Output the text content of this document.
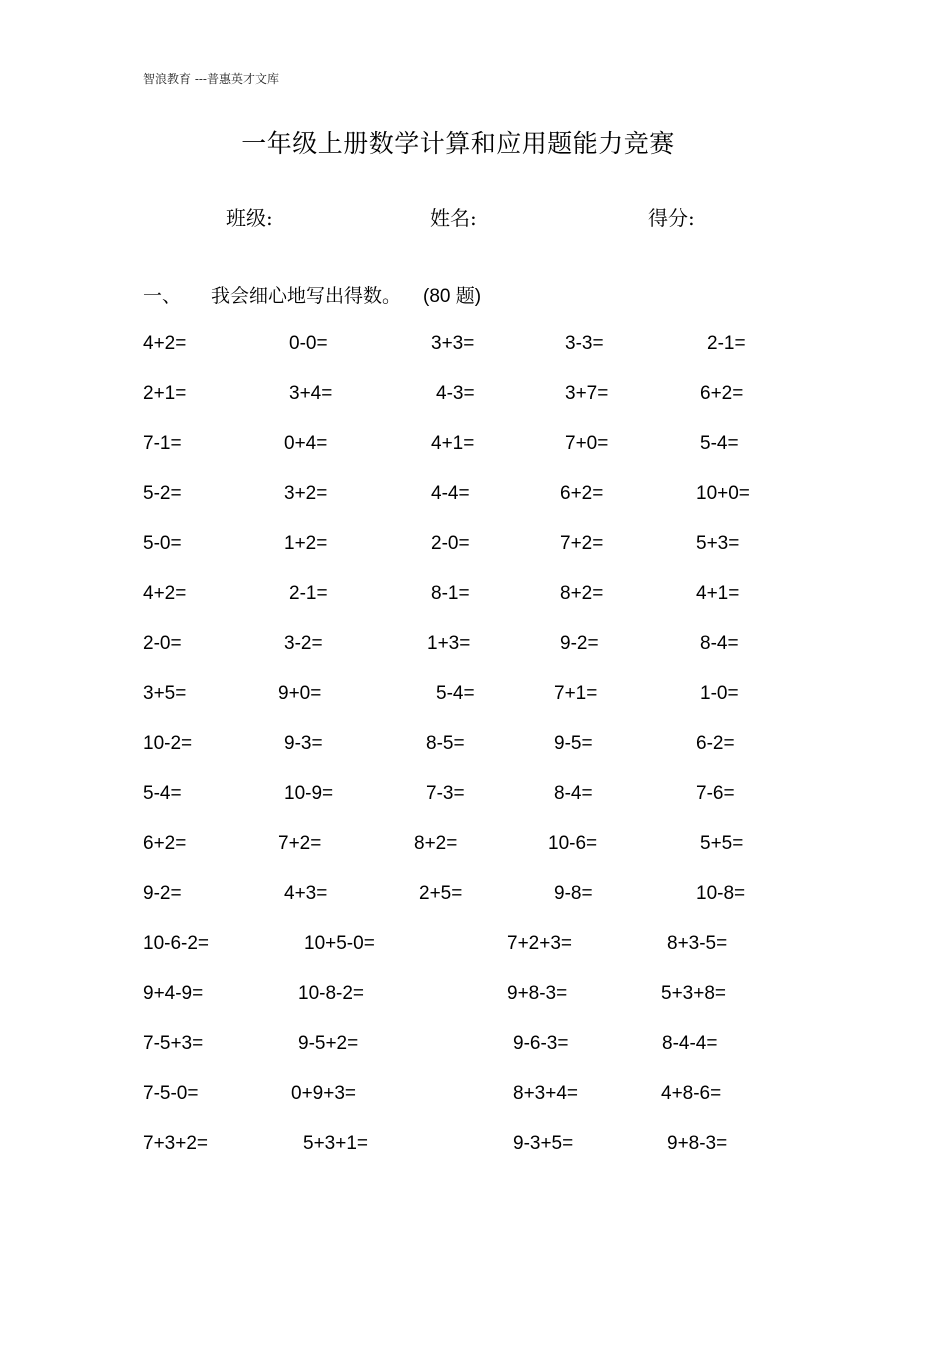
智浪教育 ---普惠英才文库
一年级上册数学计算和应用题能力竞赛
班级:	姓名:	得分:
一、 我会细心地写出得数。 (80 题)
4+2=	0-0=	3+3=	3-3=	2-1=
2+1=	3+4=	4-3=	3+7=	6+2=
7-1=	0+4=	4+1=	7+0=	5-4=
5-2=	3+2=	4-4=	6+2=	10+0=
5-0=	1+2=	2-0=	7+2=	5+3=
4+2=	2-1=	8-1=	8+2=	4+1=
2-0=	3-2=	1+3=	9-2=	8-4=
3+5=	9+0=	5-4=	7+1=	1-0=
10-2=	9-3=	8-5=	9-5=	6-2=
5-4=	10-9=	7-3=	8-4=	7-6=
6+2=	7+2=	8+2=	10-6=	5+5=
9-2=	4+3=	2+5=	9-8=	10-8=
10-6-2=	10+5-0=	7+2+3=	8+3-5=
9+4-9=	10-8-2=	9+8-3=	5+3+8=
7-5+3=	9-5+2=	9-6-3=	8-4-4=
7-5-0=	0+9+3=	8+3+4=	4+8-6=
7+3+2=	5+3+1=	9-3+5=	9+8-3=
